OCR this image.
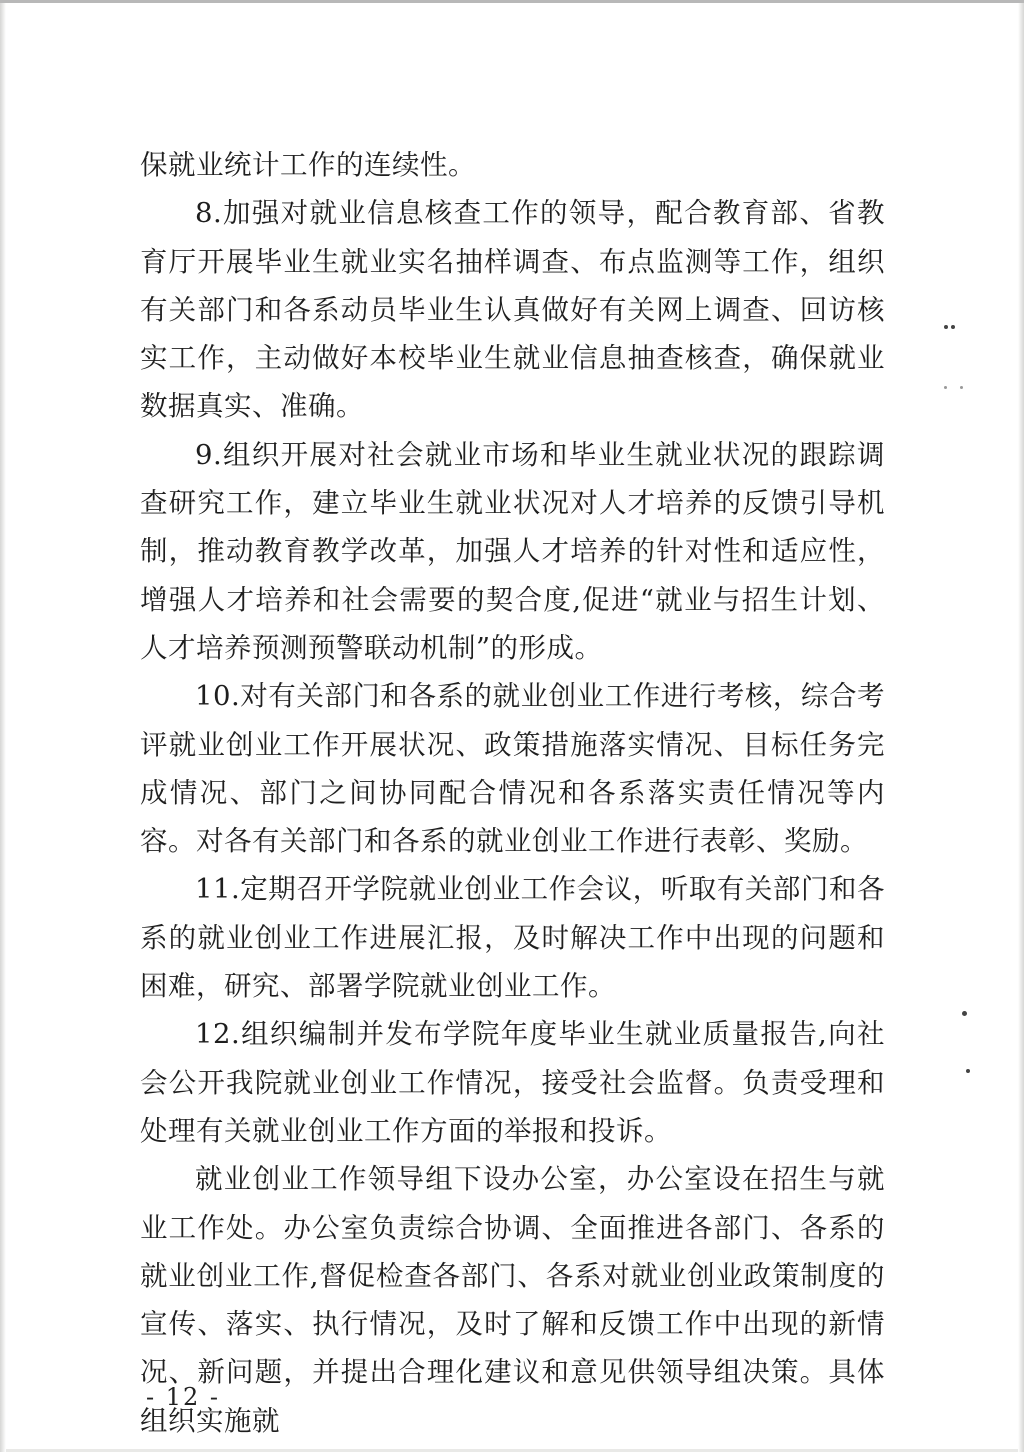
保就业统计工作的连续性。

8.加强对就业信息核查工作的领导，配合教育部、省教育厅开展毕业生就业实名抽样调查、布点监测等工作，组织有关部门和各系动员毕业生认真做好有关网上调查、回访核实工作，主动做好本校毕业生就业信息抽查核查，确保就业数据真实、准确。

9.组织开展对社会就业市场和毕业生就业状况的跟踪调查研究工作，建立毕业生就业状况对人才培养的反馈引导机制，推动教育教学改革，加强人才培养的针对性和适应性，增强人才培养和社会需要的契合度,促进“就业与招生计划、人才培养预测预警联动机制”的形成。

10.对有关部门和各系的就业创业工作进行考核，综合考评就业创业工作开展状况、政策措施落实情况、目标任务完成情况、部门之间协同配合情况和各系落实责任情况等内容。对各有关部门和各系的就业创业工作进行表彰、奖励。

11.定期召开学院就业创业工作会议，听取有关部门和各系的就业创业工作进展汇报，及时解决工作中出现的问题和困难，研究、部署学院就业创业工作。

12.组织编制并发布学院年度毕业生就业质量报告,向社会公开我院就业创业工作情况，接受社会监督。负责受理和处理有关就业创业工作方面的举报和投诉。

就业创业工作领导组下设办公室，办公室设在招生与就业工作处。办公室负责综合协调、全面推进各部门、各系的就业创业工作,督促检查各部门、各系对就业创业政策制度的宣传、落实、执行情况，及时了解和反馈工作中出现的新情况、新问题，并提出合理化建议和意见供领导组决策。具体组织实施就

- 12 -
